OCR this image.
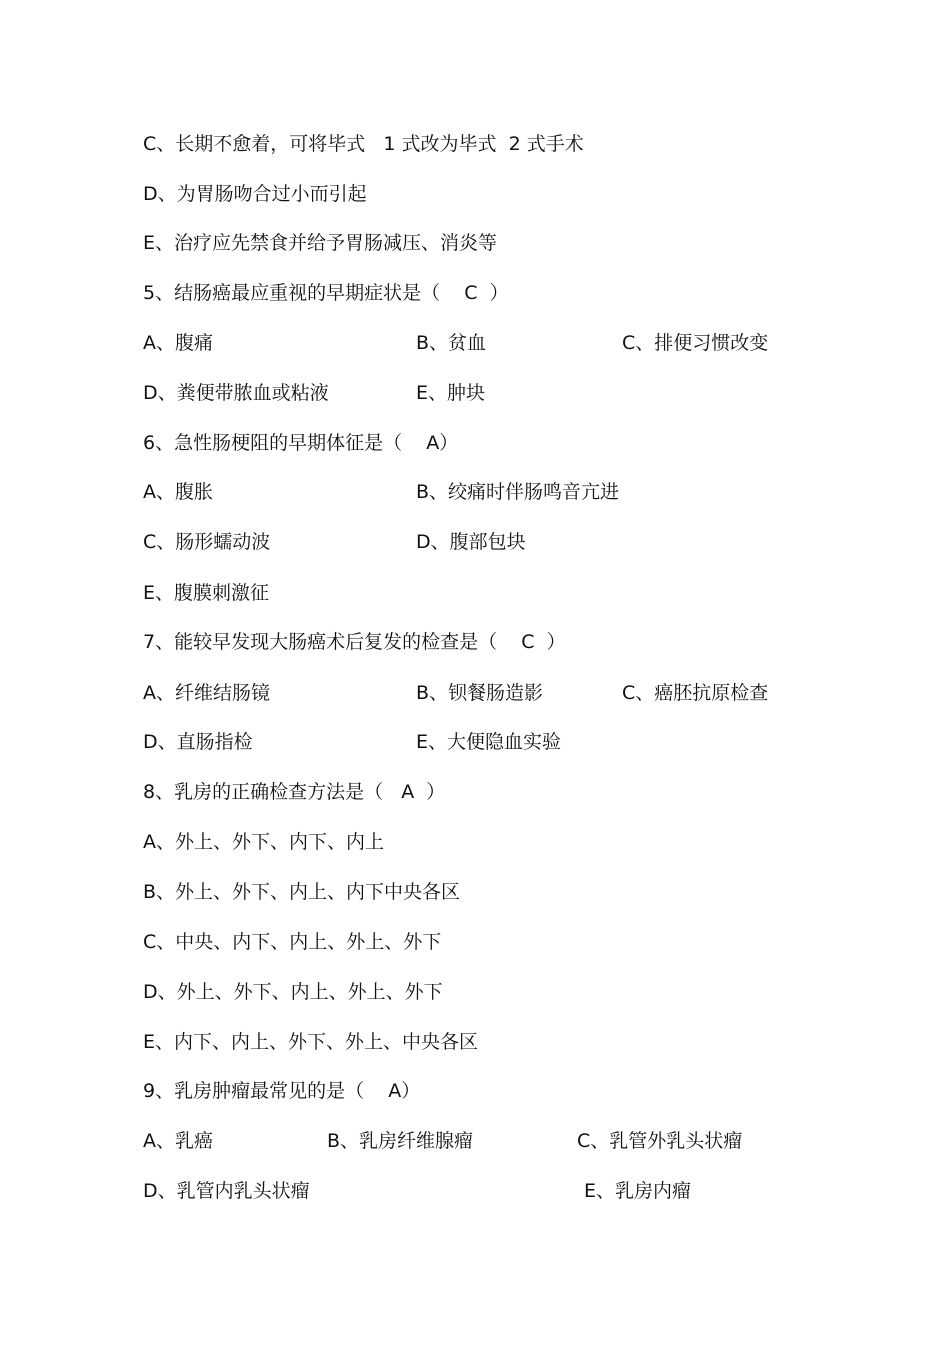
C、长期不愈着，可将毕式   1 式改为毕式  2 式手术
D、为胃肠吻合过小而引起
E、治疗应先禁食并给予胃肠减压、消炎等
5、结肠癌最应重视的早期症状是（    C  ）
A、腹痛	B、贫血	C、排便习惯改变
D、粪便带脓血或粘液	E、肿块
6、急性肠梗阻的早期体征是（    A）
A、腹胀	B、绞痛时伴肠鸣音亢进
C、肠形蠕动波	D、腹部包块
E、腹膜刺激征
7、能较早发现大肠癌术后复发的检查是（    C  ）
A、纤维结肠镜	B、钡餐肠造影	C、癌胚抗原检查
D、直肠指检	E、大便隐血实验
8、乳房的正确检查方法是（   A  ）
A、外上、外下、内下、内上
B、外上、外下、内上、内下中央各区
C、中央、内下、内上、外上、外下
D、外上、外下、内上、外上、外下
E、内下、内上、外下、外上、中央各区
9、乳房肿瘤最常见的是（    A）
A、乳癌	B、乳房纤维腺瘤	C、乳管外乳头状瘤
D、乳管内乳头状瘤	E、乳房内瘤
